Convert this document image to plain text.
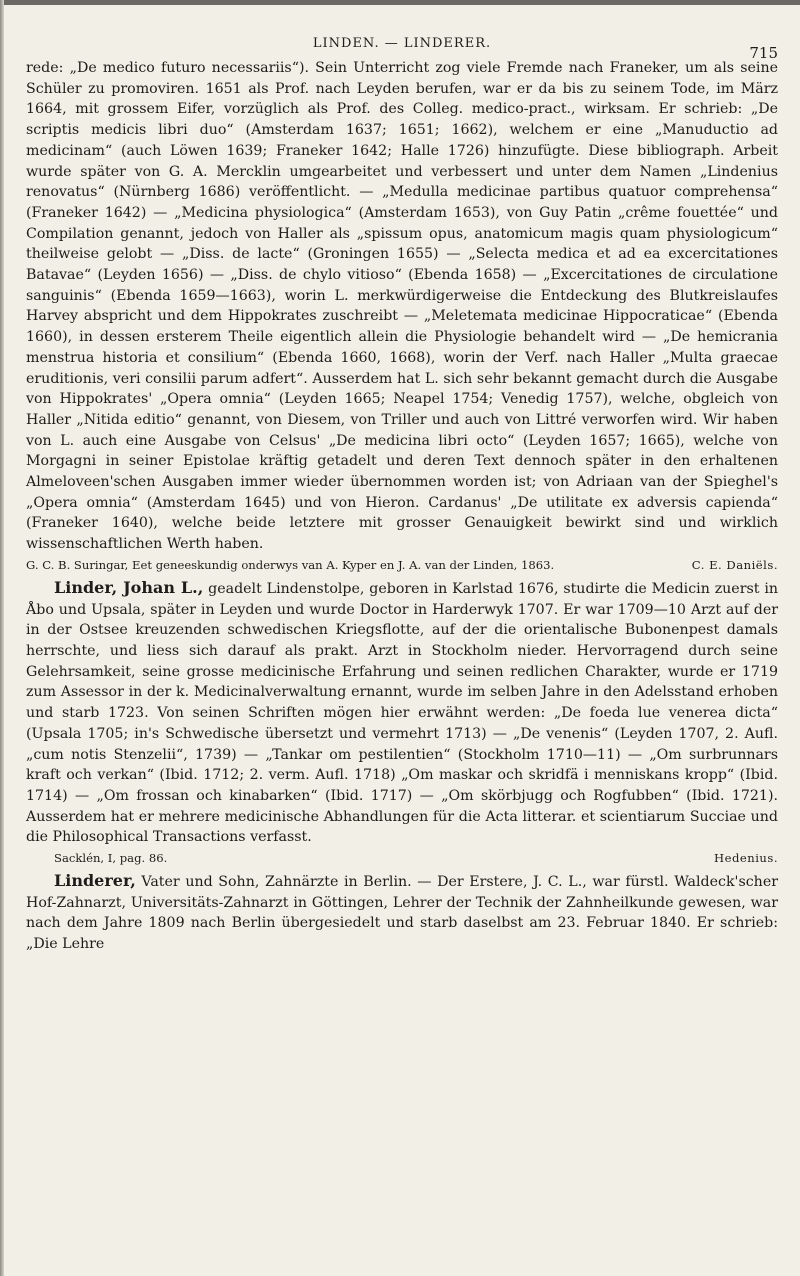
LINDEN. — LINDERER.
715

rede: „De medico futuro necessariis“). Sein Unterricht zog viele Fremde nach Franeker, um als seine Schüler zu promoviren. 1651 als Prof. nach Leyden berufen, war er da bis zu seinem Tode, im März 1664, mit grossem Eifer, vorzüglich als Prof. des Colleg. medico-pract., wirksam. Er schrieb: „De scriptis medicis libri duo“ (Amsterdam 1637; 1651; 1662), welchem er eine „Manuductio ad medicinam“ (auch Löwen 1639; Franeker 1642; Halle 1726) hinzufügte. Diese bibliograph. Arbeit wurde später von G. A. Mercklin umgearbeitet und verbessert und unter dem Namen „Lindenius renovatus“ (Nürnberg 1686) veröffentlicht. — „Medulla medicinae partibus quatuor comprehensa“ (Franeker 1642) — „Medicina physiologica“ (Amsterdam 1653), von Guy Patin „crême fouettée“ und Compilation genannt, jedoch von Haller als „spissum opus, anatomicum magis quam physiologicum“ theilweise gelobt — „Diss. de lacte“ (Groningen 1655) — „Selecta medica et ad ea excercitationes Batavae“ (Leyden 1656) — „Diss. de chylo vitioso“ (Ebenda 1658) — „Excercitationes de circulatione sanguinis“ (Ebenda 1659—1663), worin L. merkwürdigerweise die Entdeckung des Blutkreislaufes Harvey abspricht und dem Hippokrates zuschreibt — „Meletemata medicinae Hippocraticae“ (Ebenda 1660), in dessen ersterem Theile eigentlich allein die Physiologie behandelt wird — „De hemicrania menstrua historia et consilium“ (Ebenda 1660, 1668), worin der Verf. nach Haller „Multa graecae eruditionis, veri consilii parum adfert“. Ausserdem hat L. sich sehr bekannt gemacht durch die Ausgabe von Hippokrates' „Opera omnia“ (Leyden 1665; Neapel 1754; Venedig 1757), welche, obgleich von Haller „Nitida editio“ genannt, von Diesem, von Triller und auch von Littré verworfen wird. Wir haben von L. auch eine Ausgabe von Celsus' „De medicina libri octo“ (Leyden 1657; 1665), welche von Morgagni in seiner Epistolae kräftig getadelt und deren Text dennoch später in den erhaltenen Almeloveen'schen Ausgaben immer wieder übernommen worden ist; von Adriaan van der Spieghel's „Opera omnia“ (Amsterdam 1645) und von Hieron. Cardanus' „De utilitate ex adversis capienda“ (Franeker 1640), welche beide letztere mit grosser Genauigkeit bewirkt sind und wirklich wissenschaftlichen Werth haben.

G. C. B. Suringar, Eet geneeskundig onderwys van A. Kyper en J. A. van der Linden, 1863.	C. E. Daniëls.

Linder, Johan L., geadelt Lindenstolpe, geboren in Karlstad 1676, studirte die Medicin zuerst in Åbo und Upsala, später in Leyden und wurde Doctor in Harderwyk 1707. Er war 1709—10 Arzt auf der in der Ostsee kreuzenden schwedischen Kriegsflotte, auf der die orientalische Bubonenpest damals herrschte, und liess sich darauf als prakt. Arzt in Stockholm nieder. Hervorragend durch seine Gelehrsamkeit, seine grosse medicinische Erfahrung und seinen redlichen Charakter, wurde er 1719 zum Assessor in der k. Medicinalverwaltung ernannt, wurde im selben Jahre in den Adelsstand erhoben und starb 1723. Von seinen Schriften mögen hier erwähnt werden: „De foeda lue venerea dicta“ (Upsala 1705; in's Schwedische übersetzt und vermehrt 1713) — „De venenis“ (Leyden 1707, 2. Aufl. „cum notis Stenzelii“, 1739) — „Tankar om pestilentien“ (Stockholm 1710—11) — „Om surbrunnars kraft och verkan“ (Ibid. 1712; 2. verm. Aufl. 1718) „Om maskar och skridfä i menniskans kropp“ (Ibid. 1714) — „Om frossan och kinabarken“ (Ibid. 1717) — „Om skörbjugg och Rogfubben“ (Ibid. 1721). Ausserdem hat er mehrere medicinische Abhandlungen für die Acta litterar. et scientiarum Succiae und die Philosophical Transactions verfasst.

Sacklén, I, pag. 86.	Hedenius.

Linderer, Vater und Sohn, Zahnärzte in Berlin. — Der Erstere, J. C. L., war fürstl. Waldeck'scher Hof-Zahnarzt, Universitäts-Zahnarzt in Göttingen, Lehrer der Technik der Zahnheilkunde gewesen, war nach dem Jahre 1809 nach Berlin übergesiedelt und starb daselbst am 23. Februar 1840. Er schrieb: „Die Lehre
